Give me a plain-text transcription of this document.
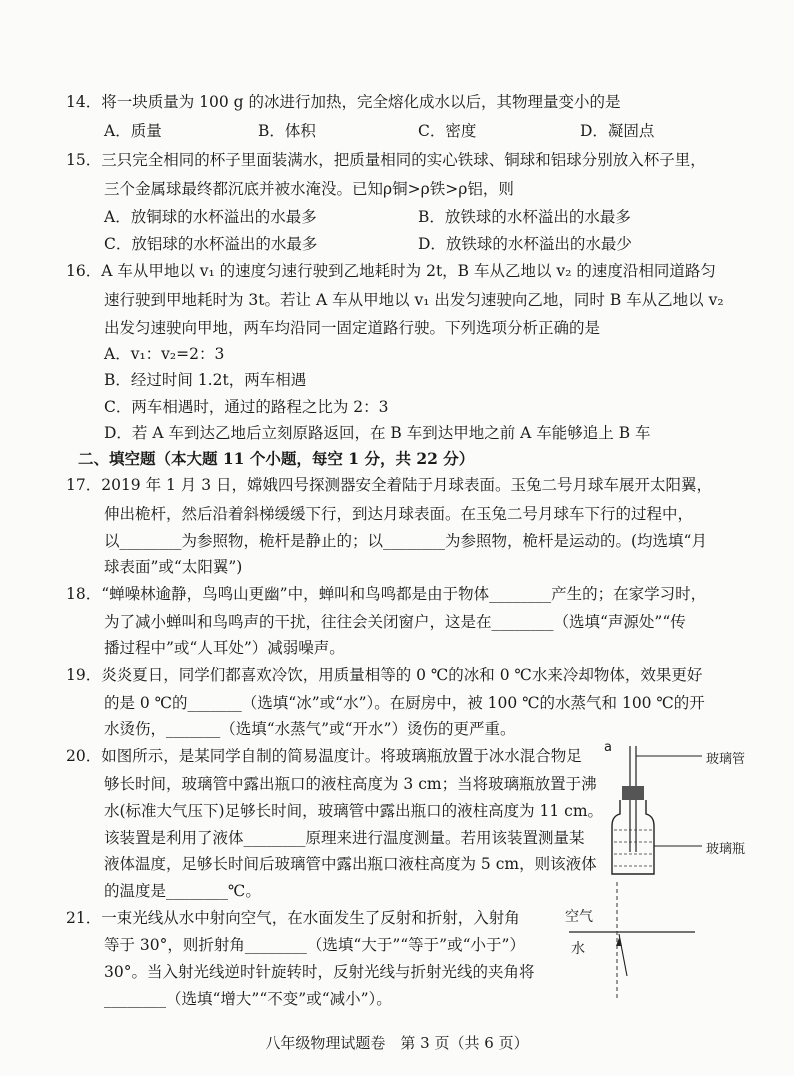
14．将一块质量为 100 g 的冰进行加热，完全熔化成水以后，其物理量变小的是
A．质量	B．体积	C．密度	D．凝固点
15．三只完全相同的杯子里面装满水，把质量相同的实心铁球、铜球和铝球分别放入杯子里，
三个金属球最终都沉底并被水淹没。已知ρ铜>ρ铁>ρ铝，则
A．放铜球的水杯溢出的水最多	B．放铁球的水杯溢出的水最多
C．放铝球的水杯溢出的水最多	D．放铁球的水杯溢出的水最少
16．A 车从甲地以 v₁ 的速度匀速行驶到乙地耗时为 2t，B 车从乙地以 v₂ 的速度沿相同道路匀
速行驶到甲地耗时为 3t。若让 A 车从甲地以 v₁ 出发匀速驶向乙地，同时 B 车从乙地以 v₂
出发匀速驶向甲地，两车均沿同一固定道路行驶。下列选项分析正确的是
A．v₁：v₂=2：3
B．经过时间 1.2t，两车相遇
C．两车相遇时，通过的路程之比为 2：3
D．若 A 车到达乙地后立刻原路返回，在 B 车到达甲地之前 A 车能够追上 B 车
二、填空题（本大题 11 个小题，每空 1 分，共 22 分）
17．2019 年 1 月 3 日，嫦娥四号探测器安全着陆于月球表面。玉兔二号月球车展开太阳翼，
伸出桅杆，然后沿着斜梯缓缓下行，到达月球表面。在玉兔二号月球车下行的过程中，
以________为参照物，桅杆是静止的；以________为参照物，桅杆是运动的。(均选填“月
球表面”或“太阳翼”)
18．“蝉噪林逾静，鸟鸣山更幽”中，蝉叫和鸟鸣都是由于物体________产生的；在家学习时，
为了减小蝉叫和鸟鸣声的干扰，往往会关闭窗户，这是在________（选填“声源处”“传
播过程中”或“人耳处”）减弱噪声。
19．炎炎夏日，同学们都喜欢冷饮，用质量相等的 0 ℃的冰和 0 ℃水来冷却物体，效果更好
的是 0 ℃的_______（选填“冰”或“水”）。在厨房中，被 100 ℃的水蒸气和 100 ℃的开
水烫伤，_______（选填“水蒸气”或“开水”）烫伤的更严重。
20．如图所示，是某同学自制的简易温度计。将玻璃瓶放置于冰水混合物足
够长时间，玻璃管中露出瓶口的液柱高度为 3 cm；当将玻璃瓶放置于沸
水(标准大气压下)足够长时间，玻璃管中露出瓶口的液柱高度为 11 cm。
该装置是利用了液体________原理来进行温度测量。若用该装置测量某
液体温度，足够长时间后玻璃管中露出瓶口液柱高度为 5 cm，则该液体
的温度是________℃。
a
玻璃管
玻璃瓶
21．一束光线从水中射向空气，在水面发生了反射和折射，入射角
等于 30°，则折射角________（选填“大于”“等于”或“小于”）
30°。当入射光线逆时针旋转时，反射光线与折射光线的夹角将
________（选填“增大”“不变”或“减小”）。
空气
水
八年级物理试题卷　第 3 页（共 6 页）
